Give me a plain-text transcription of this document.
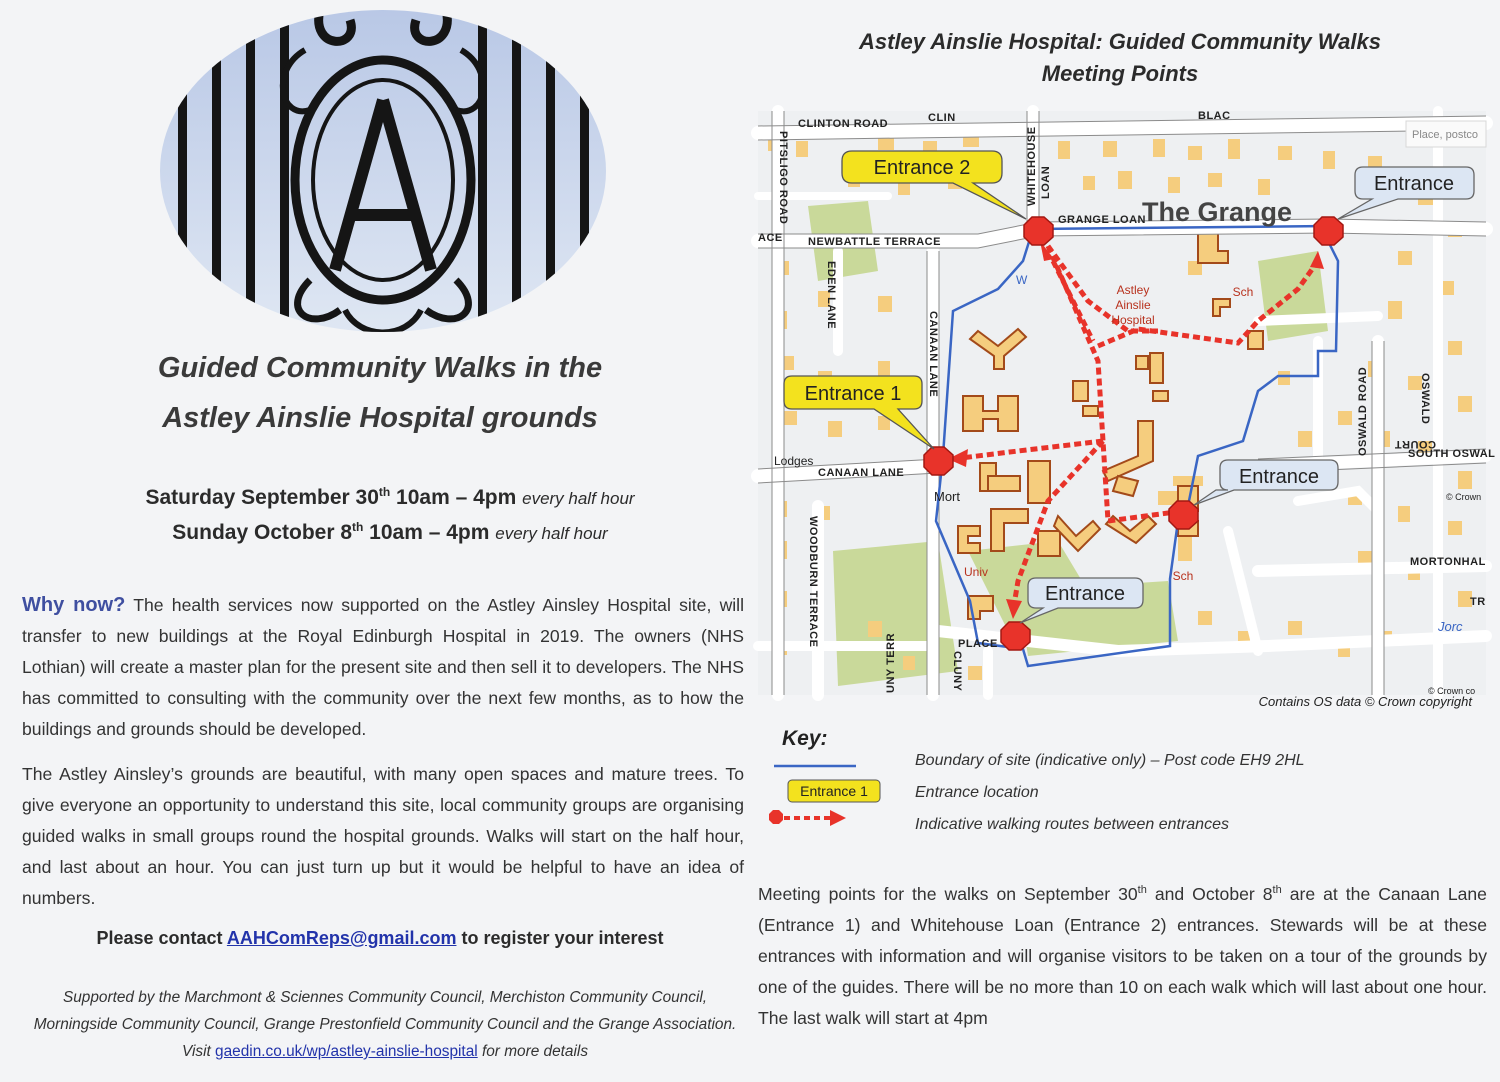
Guided Community Walks in the
Astley Ainslie Hospital grounds
Saturday September 30th 10am – 4pm every half hour
Sunday October 8th 10am – 4pm every half hour

Why now? The health services now supported on the Astley Ainsley Hospital site, will transfer to new buildings at the Royal Edinburgh Hospital in 2019. The owners (NHS Lothian) will create a master plan for the present site and then sell it to developers. The NHS has committed to consulting with the community over the next few months, as to how the buildings and grounds should be developed.

The Astley Ainsley’s grounds are beautiful, with many open spaces and mature trees. To give everyone an opportunity to understand this site, local community groups are organising guided walks in small groups round the hospital grounds. Walks will start on the half hour, and last about an hour. You can just turn up but it would be helpful to have an idea of numbers.

Please contact AAHComReps@gmail.com to register your interest

Supported by the Marchmont & Sciennes Community Council, Merchiston Community Council, Morningside Community Council, Grange Prestonfield Community Council and the Grange Association. Visit gaedin.co.uk/wp/astley-ainslie-hospital for more details

Astley Ainslie Hospital: Guided Community Walks
Meeting Points
CLINTON ROAD	CLIN	BLAC
PITSLIGO ROAD	WHITEHOUSE LOAN
GRANGE LOAN
NEWBATTLE TERRACE
ACE
EDEN LANE
CANAAN LANE
CANAAN LANE
WOODBURN TERRACE
OSWALD ROAD	OSWALD
COURT
SOUTH OSWAL
MORTONHAL
PLACE
CLUNY
UNY TERR
TR
Lodges
Mort
Jorc
The Grange
Astley
Ainslie
Hospital
Sch
Sch
Univ
W
Place, postco
© Crown
© Crown co
Entrance 2
Entrance
Entrance 1
Entrance
Entrance
Contains OS data © Crown copyright
Key:
Entrance 1
Boundary of site (indicative only) – Post code EH9 2HL
Entrance location
Indicative walking routes between entrances

Meeting points for the walks on September 30th and October 8th are at the Canaan Lane (Entrance 1) and Whitehouse Loan (Entrance 2) entrances. Stewards will be at these entrances with information and will organise visitors to be taken on a tour of the grounds by one of the guides. There will be no more than 10 on each walk which will last about one hour. The last walk will start at 4pm
